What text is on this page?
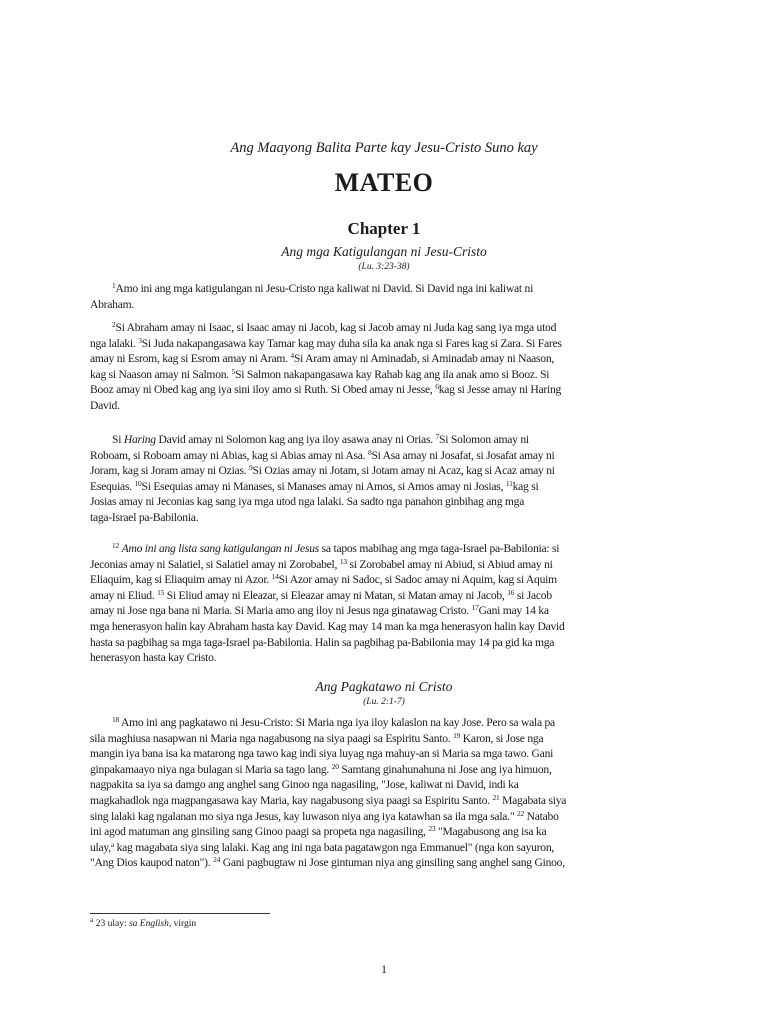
Ang Maayong Balita Parte kay Jesu-Cristo Suno kay
MATEO
Chapter 1
Ang mga Katigulangan ni Jesu-Cristo
(Lu. 3:23-38)
$^1$Amo ini ang mga katigulangan ni Jesu-Cristo nga kaliwat ni David. Si David nga ini kaliwat ni
Abraham.
$^2$Si Abraham amay ni Isaac, si Isaac amay ni Jacob, kag si Jacob amay ni Juda kag sang iya mga utod
nga lalaki. $^3$Si Juda nakapangasawa kay Tamar kag may duha sila ka anak nga si Fares kag si Zara. Si Fares
amay ni Esrom, kag si Esrom amay ni Aram. $^4$Si Aram amay ni Aminadab, si Aminadab amay ni Naason,
kag si Naason amay ni Salmon. $^5$Si Salmon nakapangasawa kay Rahab kag ang ila anak amo si Booz. Si
Booz amay ni Obed kag ang iya sini iloy amo si Ruth. Si Obed amay ni Jesse, $^6$kag si Jesse amay ni Haring
David.
Si Haring David amay ni Solomon kag ang iya iloy asawa anay ni Orias. $^7$Si Solomon amay ni
Roboam, si Roboam amay ni Abias, kag si Abias amay ni Asa. $^8$Si Asa amay ni Josafat, si Josafat amay ni
Joram, kag si Joram amay ni Ozias. $^9$Si Ozias amay ni Jotam, si Jotam amay ni Acaz, kag si Acaz amay ni
Esequias. $^{10}$Si Esequias amay ni Manases, si Manases amay ni Amos, si Amos amay ni Josias, $^{11}$kag si
Josias amay ni Jeconias kag sang iya mga utod nga lalaki. Sa sadto nga panahon ginbihag ang mga
taga-Israel pa-Babilonia.
$^{12}$ Amo ini ang lista sang katigulangan ni Jesus sa tapos mabihag ang mga taga-Israel pa-Babilonia: si
Jeconias amay ni Salatiel, si Salatiel amay ni Zorobabel, $^{13}$ si Zorobabel amay ni Abiud, si Abiud amay ni
Eliaquim, kag si Eliaquim amay ni Azor. $^{14}$Si Azor amay ni Sadoc, si Sadoc amay ni Aquim, kag si Aquim
amay ni Eliud. $^{15}$ Si Eliud amay ni Eleazar, si Eleazar amay ni Matan, si Matan amay ni Jacob, $^{16}$ si Jacob
amay ni Jose nga bana ni Maria. Si Maria amo ang iloy ni Jesus nga ginatawag Cristo. $^{17}$Gani may 14 ka
mga henerasyon halin kay Abraham hasta kay David. Kag may 14 man ka mga henerasyon halin kay David
hasta sa pagbihag sa mga taga-Israel pa-Babilonia. Halin sa pagbihag pa-Babilonia may 14 pa gid ka mga
henerasyon hasta kay Cristo.
Ang Pagkatawo ni Cristo
(Lu. 2:1-7)
$^{18}$ Amo ini ang pagkatawo ni Jesu-Cristo: Si Maria nga iya iloy kalaslon na kay Jose. Pero sa wala pa
sila maghiusa nasapwan ni Maria nga nagabusong na siya paagi sa Espiritu Santo. $^{19}$ Karon, si Jose nga
mangin iya bana isa ka matarong nga tawo kag indi siya luyag nga mahuy-an si Maria sa mga tawo. Gani
ginpakamaayo niya nga bulagan si Maria sa tago lang. $^{20}$ Samtang ginahunahuna ni Jose ang iya himuon,
nagpakita sa iya sa damgo ang anghel sang Ginoo nga nagasiling, "Jose, kaliwat ni David, indi ka
magkahadlok nga magpangasawa kay Maria, kay nagabusong siya paagi sa Espiritu Santo. $^{21}$ Magabata siya
sing lalaki kag ngalanan mo siya nga Jesus, kay luwason niya ang iya katawhan sa ila mga sala." $^{22}$ Natabo
ini agod matuman ang ginsiling sang Ginoo paagi sa propeta nga nagasiling, $^{23}$ "Magabusong ang isa ka
ulay,$^a$ kag magabata siya sing lalaki. Kag ang ini nga bata pagatawgon nga Emmanuel" (nga kon sayuron,
"Ang Dios kaupod naton"). $^{24}$ Gani pagbugtaw ni Jose gintuman niya ang ginsiling sang anghel sang Ginoo,
$^a$ 23 ulay: sa English, virgin
1
